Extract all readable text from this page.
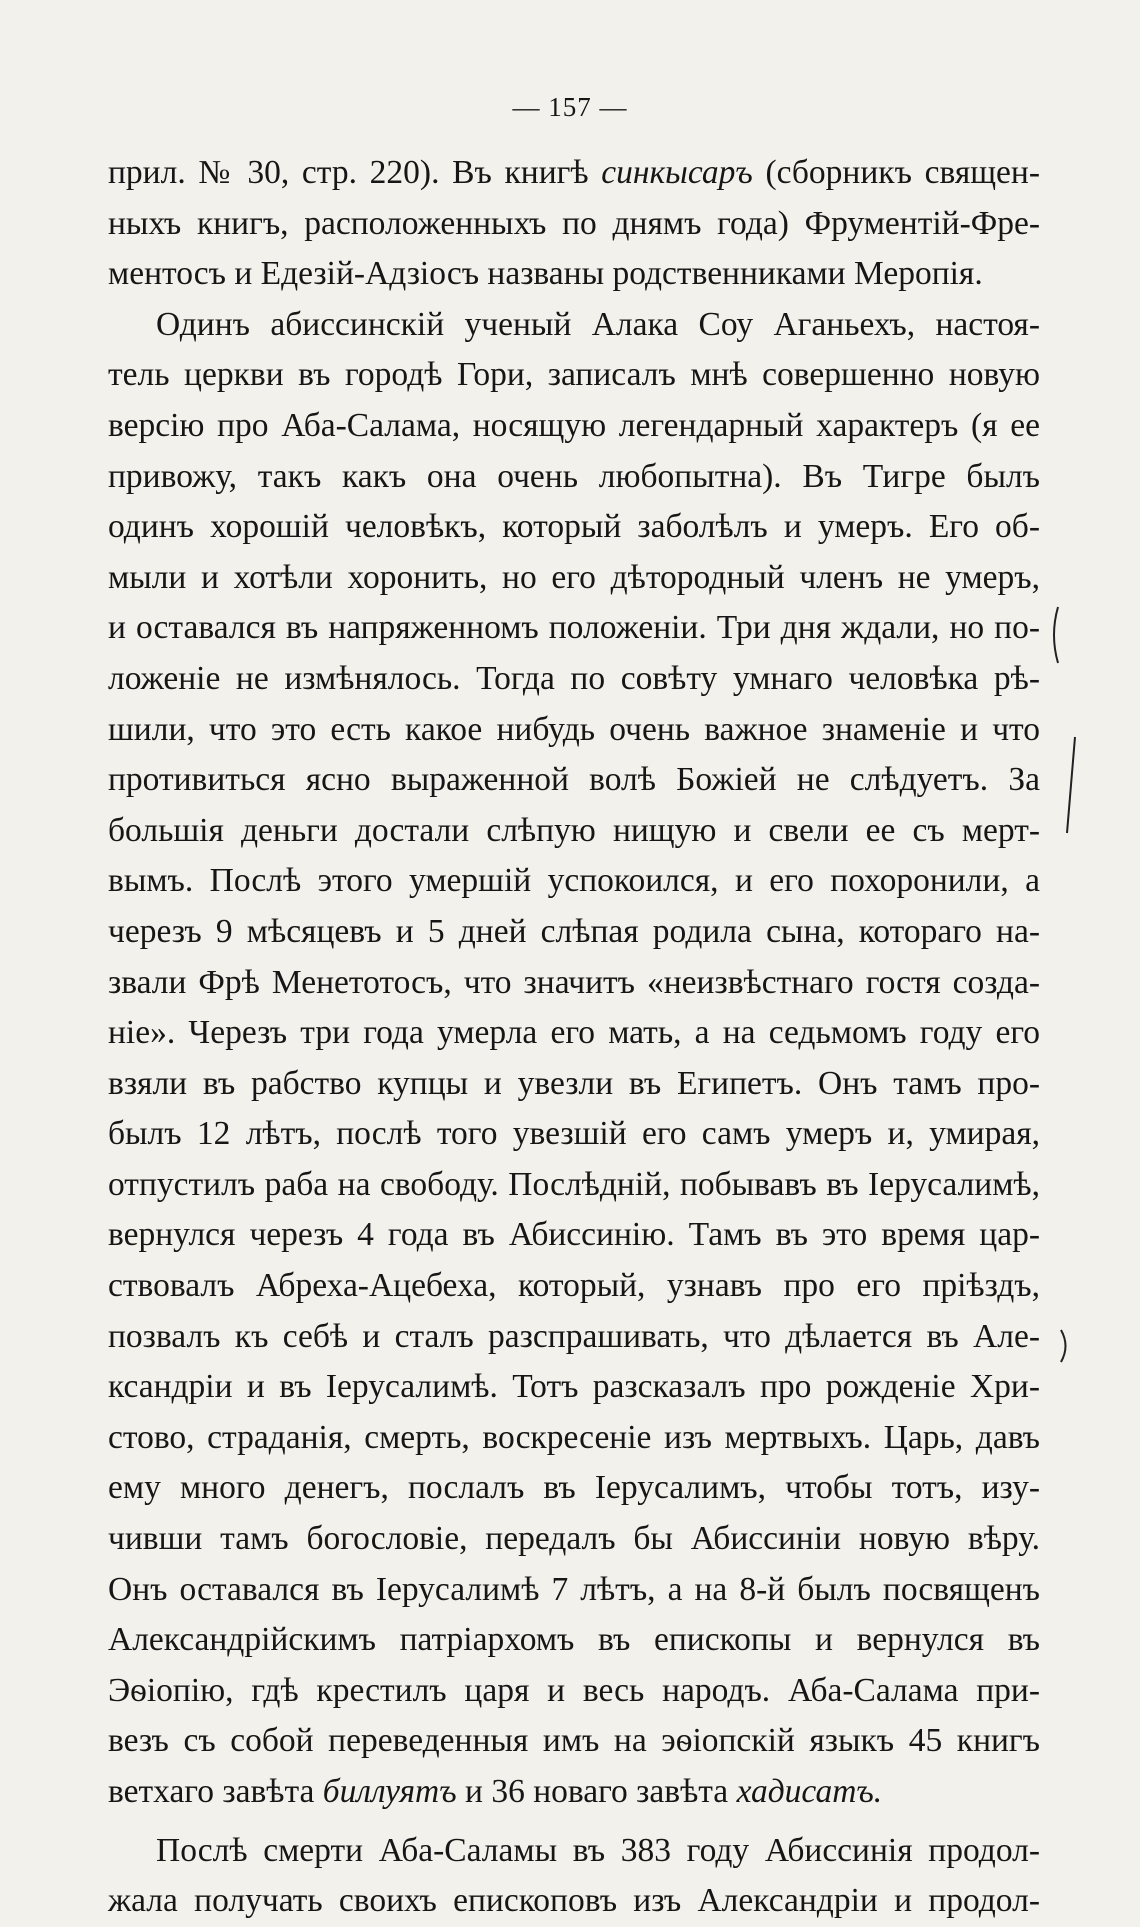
— 157 —
прил. № 30, стр. 220). Въ книгѣ синкысаръ (сборникъ священ-
ныхъ книгъ, расположенныхъ по днямъ года) Фрументій-Фре-
ментосъ и Едезій-Адзіосъ названы родственниками Меропія.
Одинъ абиссинскій ученый Алака Соу Аганьехъ, настоя-
тель церкви въ городѣ Гори, записалъ мнѣ совершенно новую
версію про Аба-Салама, носящую легендарный характеръ (я ее
привожу, такъ какъ она очень любопытна). Въ Тигре былъ
одинъ хорошій человѣкъ, который заболѣлъ и умеръ. Его об-
мыли и хотѣли хоронить, но его дѣтородный членъ не умеръ,
и оставался въ напряженномъ положеніи. Три дня ждали, но по-
ложеніе не измѣнялось. Тогда по совѣту умнаго человѣка рѣ-
шили, что это есть какое нибудь очень важное знаменіе и что
противиться ясно выраженной волѣ Божіей не слѣдуетъ. За
большія деньги достали слѣпую нищую и свели ее съ мерт-
вымъ. Послѣ этого умершій успокоился, и его похоронили, а
черезъ 9 мѣсяцевъ и 5 дней слѣпая родила сына, котораго на-
звали Фрѣ Менетотосъ, что значитъ «неизвѣстнаго гостя созда-
ніе». Черезъ три года умерла его мать, а на седьмомъ году его
взяли въ рабство купцы и увезли въ Египетъ. Онъ тамъ про-
былъ 12 лѣтъ, послѣ того увезшій его самъ умеръ и, умирая,
отпустилъ раба на свободу. Послѣдній, побывавъ въ Іерусалимѣ,
вернулся черезъ 4 года въ Абиссинію. Тамъ въ это время цар-
ствовалъ Абреха-Ацебеха, который, узнавъ про его пріѣздъ,
позвалъ къ себѣ и сталъ разспрашивать, что дѣлается въ Але-
ксандріи и въ Іерусалимѣ. Тотъ разсказалъ про рожденіе Хри-
стово, страданія, смерть, воскресеніе изъ мертвыхъ. Царь, давъ
ему много денегъ, послалъ въ Іерусалимъ, чтобы тотъ, изу-
чивши тамъ богословіе, передалъ бы Абиссиніи новую вѣру.
Онъ оставался въ Іерусалимѣ 7 лѣтъ, а на 8-й былъ посвященъ
Александрійскимъ патріархомъ въ епископы и вернулся въ
Эѳіопію, гдѣ крестилъ царя и весь народъ. Аба-Салама при-
везъ съ собой переведенныя имъ на эѳіопскій языкъ 45 книгъ
ветхаго завѣта биллуятъ и 36 новаго завѣта хадисатъ.
Послѣ смерти Аба-Саламы въ 383 году Абиссинія продол-
жала получать своихъ епископовъ изъ Александріи и продол-
